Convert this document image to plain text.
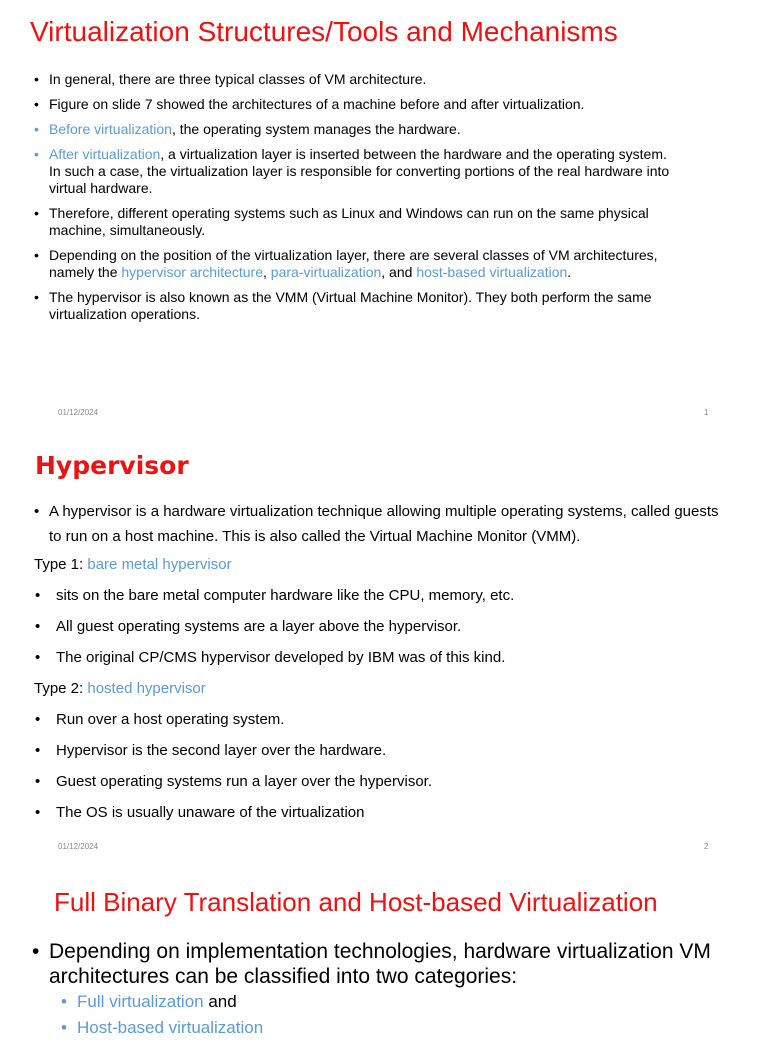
Virtualization Structures/Tools and Mechanisms
• In general, there are three typical classes of VM architecture.
• Figure on slide 7 showed the architectures of a machine before and after virtualization.
• Before virtualization, the operating system manages the hardware.
• After virtualization, a virtualization layer is inserted between the hardware and the operating system. In such a case, the virtualization layer is responsible for converting portions of the real hardware into virtual hardware.
• Therefore, different operating systems such as Linux and Windows can run on the same physical machine, simultaneously.
• Depending on the position of the virtualization layer, there are several classes of VM architectures, namely the hypervisor architecture, para-virtualization, and host-based virtualization.
• The hypervisor is also known as the VMM (Virtual Machine Monitor). They both perform the same virtualization operations.
01/12/2024	1
Hypervisor
• A hypervisor is a hardware virtualization technique allowing multiple operating systems, called guests to run on a host machine. This is also called the Virtual Machine Monitor (VMM).
Type 1: bare metal hypervisor
• sits on the bare metal computer hardware like the CPU, memory, etc.
• All guest operating systems are a layer above the hypervisor.
• The original CP/CMS hypervisor developed by IBM was of this kind.
Type 2: hosted hypervisor
• Run over a host operating system.
• Hypervisor is the second layer over the hardware.
• Guest operating systems run a layer over the hypervisor.
• The OS is usually unaware of the virtualization
01/12/2024	2
Full Binary Translation and Host-based Virtualization
• Depending on implementation technologies, hardware virtualization VM architectures can be classified into two categories:
• Full virtualization and
• Host-based virtualization
